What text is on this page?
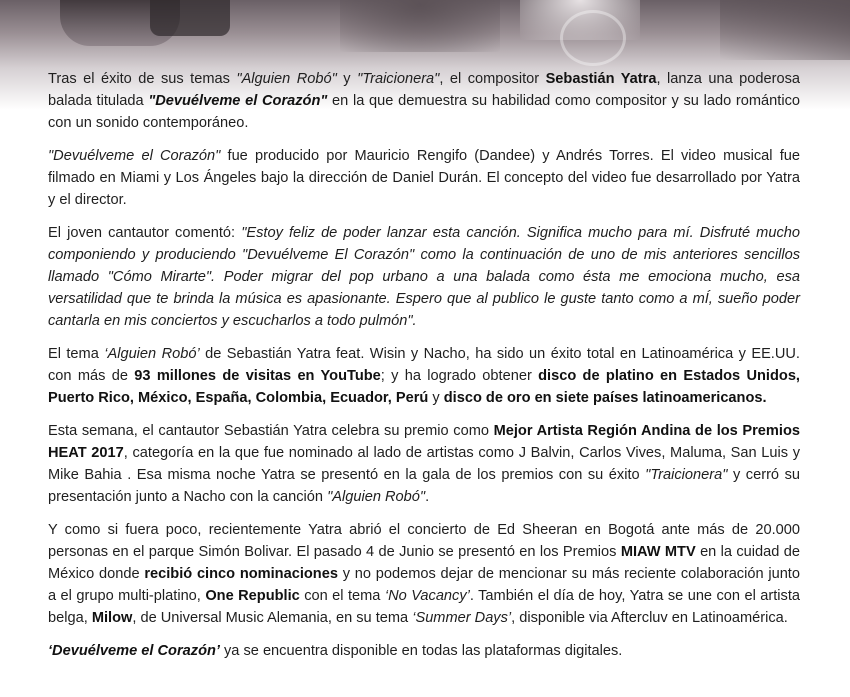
Tras el éxito de sus temas "Alguien Robó" y "Traicionera", el compositor Sebastián Yatra, lanza una poderosa balada titulada "Devuélveme el Corazón" en la que demuestra su habilidad como compositor y su lado romántico con un sonido contemporáneo.

"Devuélveme el Corazón" fue producido por Mauricio Rengifo (Dandee) y Andrés Torres. El video musical fue filmado en Miami y Los Ángeles bajo la dirección de Daniel Durán. El concepto del video fue desarrollado por Yatra y el director.

El joven cantautor comentó: "Estoy feliz de poder lanzar esta canción. Significa mucho para mí. Disfruté mucho componiendo y produciendo "Devuélveme El Corazón" como la continuación de uno de mis anteriores sencillos llamado "Cómo Mirarte". Poder migrar del pop urbano a una balada como ésta me emociona mucho, esa versatilidad que te brinda la música es apasionante. Espero que al publico le guste tanto como a mÍ, sueño poder cantarla en mis conciertos y escucharlos a todo pulmón".

El tema ‘Alguien Robó’ de Sebastián Yatra feat. Wisin y Nacho, ha sido un éxito total en Latinoamérica y EE.UU. con más de 93 millones de visitas en YouTube; y ha logrado obtener disco de platino en Estados Unidos, Puerto Rico, México, España, Colombia, Ecuador, Perú y disco de oro en siete países latinoamericanos.

Esta semana, el cantautor Sebastián Yatra celebra su premio como Mejor Artista Región Andina de los Premios HEAT 2017, categoría en la que fue nominado al lado de artistas como J Balvin, Carlos Vives, Maluma, San Luis y Mike Bahia . Esa misma noche Yatra se presentó en la gala de los premios con su éxito "Traicionera" y cerró su presentación junto a Nacho con la canción "Alguien Robó".

Y como si fuera poco, recientemente Yatra abrió el concierto de Ed Sheeran en Bogotá ante más de 20.000 personas en el parque Simón Bolivar. El pasado 4 de Junio se presentó en los Premios MIAW MTV en la cuidad de México donde recibió cinco nominaciones y no podemos dejar de mencionar su más reciente colaboración junto a el grupo multi-platino, One Republic con el tema ‘No Vacancy’. También el día de hoy, Yatra se une con el artista belga, Milow, de Universal Music Alemania, en su tema ‘Summer Days’, disponible via Aftercluv en Latinoamérica.

‘Devuélveme el Corazón’ ya se encuentra disponible en todas las plataformas digitales.
